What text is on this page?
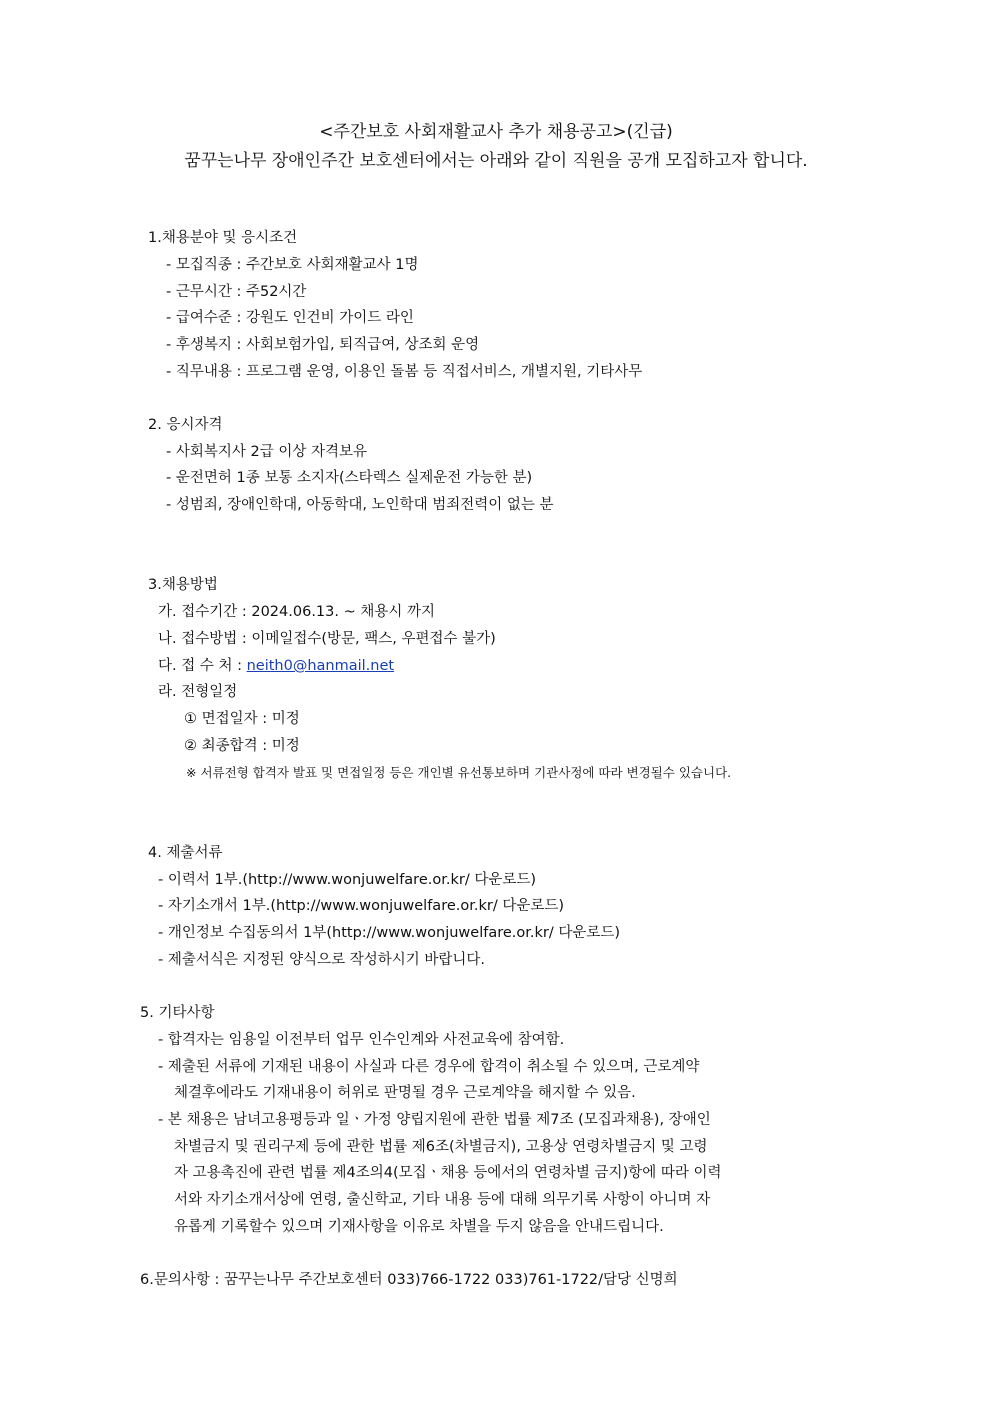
<주간보호 사회재활교사 추가 채용공고>(긴급)
꿈꾸는나무 장애인주간 보호센터에서는 아래와 같이 직원을 공개 모집하고자 합니다.
1.채용분야 및 응시조건
- 모집직종 : 주간보호 사회재활교사 1명
- 근무시간 : 주52시간
- 급여수준 : 강원도 인건비 가이드 라인
- 후생복지 : 사회보험가입, 퇴직급여, 상조회 운영
- 직무내용 : 프로그램 운영, 이용인 돌봄 등 직접서비스, 개별지원, 기타사무
2. 응시자격
- 사회복지사 2급 이상 자격보유
- 운전면허 1종 보통 소지자(스타렉스 실제운전 가능한 분)
- 성범죄, 장애인학대, 아동학대, 노인학대 범죄전력이 없는 분
3.채용방법
가. 접수기간 : 2024.06.13. ~ 채용시 까지
나. 접수방법 : 이메일접수(방문, 팩스, 우편접수 불가)
다. 접 수 처 : neith0@hanmail.net
라. 전형일정
① 면접일자 : 미정
② 최종합격 : 미정
※ 서류전형 합격자 발표 및 면접일정 등은 개인별 유선통보하며 기관사정에 따라 변경될수 있습니다.
4. 제출서류
- 이력서 1부.(http://www.wonjuwelfare.or.kr/ 다운로드)
- 자기소개서 1부.(http://www.wonjuwelfare.or.kr/ 다운로드)
- 개인정보 수집동의서 1부(http://www.wonjuwelfare.or.kr/ 다운로드)
- 제출서식은 지정된 양식으로 작성하시기 바랍니다.
5. 기타사항
- 합격자는 임용일 이전부터 업무 인수인계와 사전교육에 참여함.
- 제출된 서류에 기재된 내용이 사실과 다른 경우에 합격이 취소될 수 있으며, 근로계약
체결후에라도 기재내용이 허위로 판명될 경우 근로계약을 해지할 수 있음.
- 본 채용은 남녀고용평등과 일ㆍ가정 양립지원에 관한 법률 제7조 (모집과채용), 장애인
차별금지 및 권리구제 등에 관한 법률 제6조(차별금지), 고용상 연령차별금지 및 고령
자 고용촉진에 관련 법률 제4조의4(모집ㆍ채용 등에서의 연령차별 금지)항에 따라 이력
서와 자기소개서상에 연령, 출신학교, 기타 내용 등에 대해 의무기록 사항이 아니며 자
유롭게 기록할수 있으며 기재사항을 이유로 차별을 두지 않음을 안내드립니다.
6.문의사항 : 꿈꾸는나무 주간보호센터 033)766-1722 033)761-1722/담당 신명희
